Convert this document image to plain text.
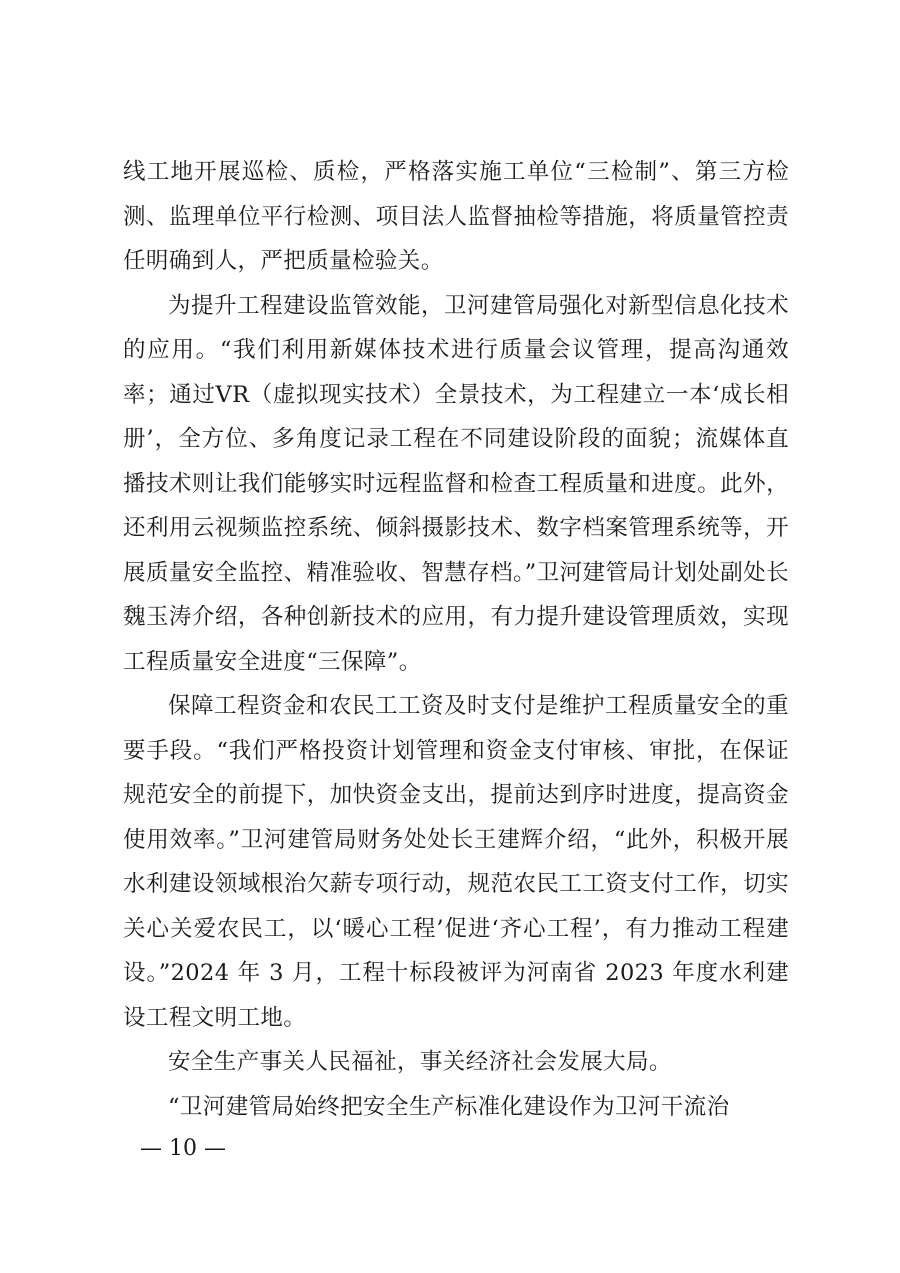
线工地开展巡检、质检，严格落实施工单位“三检制”、第三方检测、监理单位平行检测、项目法人监督抽检等措施，将质量管控责任明确到人，严把质量检验关。

为提升工程建设监管效能，卫河建管局强化对新型信息化技术的应用。“我们利用新媒体技术进行质量会议管理，提高沟通效率；通过VR（虚拟现实技术）全景技术，为工程建立一本‘成长相册’，全方位、多角度记录工程在不同建设阶段的面貌；流媒体直播技术则让我们能够实时远程监督和检查工程质量和进度。此外，还利用云视频监控系统、倾斜摄影技术、数字档案管理系统等，开展质量安全监控、精准验收、智慧存档。”卫河建管局计划处副处长魏玉涛介绍，各种创新技术的应用，有力提升建设管理质效，实现工程质量安全进度“三保障”。

保障工程资金和农民工工资及时支付是维护工程质量安全的重要手段。“我们严格投资计划管理和资金支付审核、审批，在保证规范安全的前提下，加快资金支出，提前达到序时进度，提高资金使用效率。”卫河建管局财务处处长王建辉介绍，“此外，积极开展水利建设领域根治欠薪专项行动，规范农民工工资支付工作，切实关心关爱农民工，以‘暖心工程’促进‘齐心工程’，有力推动工程建设。”2024 年 3 月，工程十标段被评为河南省 2023 年度水利建设工程文明工地。

安全生产事关人民福祉，事关经济社会发展大局。

“卫河建管局始终把安全生产标准化建设作为卫河干流治

— 10 —
